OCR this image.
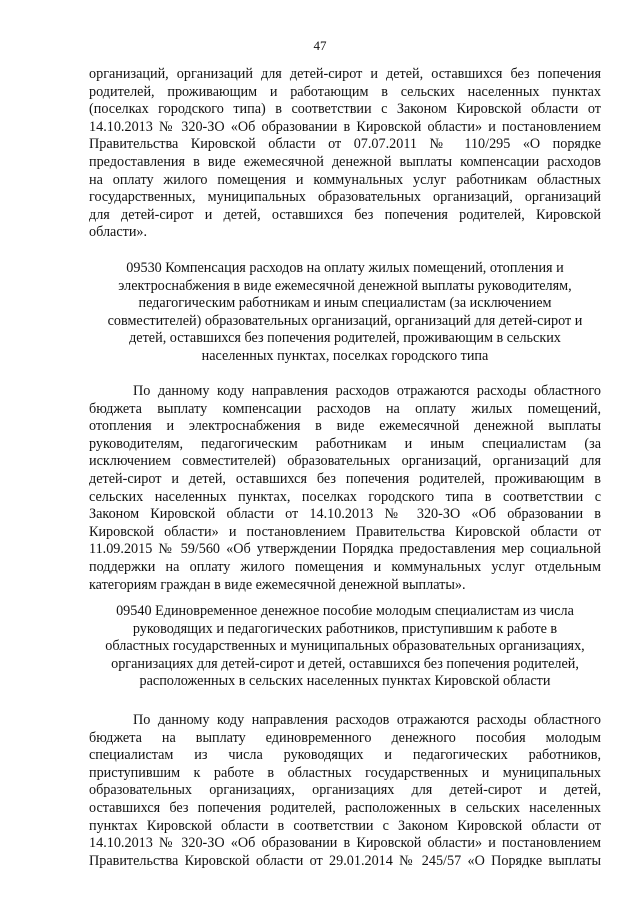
47
организаций, организаций для детей-сирот и детей, оставшихся без попечения
родителей, проживающим и работающим в сельских населенных пунктах
(поселках городского типа) в соответствии с Законом Кировской области от
14.10.2013 № 320-ЗО «Об образовании в Кировской области» и постановлением
Правительства Кировской области от 07.07.2011 № 110/295 «О порядке
предоставления в виде ежемесячной денежной выплаты компенсации расходов
на оплату жилого помещения и коммунальных услуг работникам областных
государственных, муниципальных образовательных организаций, организаций
для детей-сирот и детей, оставшихся без попечения родителей, Кировской
области».
09530 Компенсация расходов на оплату жилых помещений, отопления и
электроснабжения в виде ежемесячной денежной выплаты руководителям,
педагогическим работникам и иным специалистам (за исключением
совместителей) образовательных организаций, организаций для детей-сирот и
детей, оставшихся без попечения родителей, проживающим в сельских
населенных пунктах, поселках городского типа
По данному коду направления расходов отражаются расходы областного
бюджета выплату компенсации расходов на оплату жилых помещений,
отопления и электроснабжения в виде ежемесячной денежной выплаты
руководителям, педагогическим работникам и иным специалистам (за
исключением совместителей) образовательных организаций, организаций для
детей-сирот и детей, оставшихся без попечения родителей, проживающим в
сельских населенных пунктах, поселках городского типа в соответствии с
Законом Кировской области от 14.10.2013 № 320-ЗО «Об образовании в
Кировской области» и постановлением Правительства Кировской области от
11.09.2015 № 59/560 «Об утверждении Порядка предоставления мер социальной
поддержки на оплату жилого помещения и коммунальных услуг отдельным
категориям граждан в виде ежемесячной денежной выплаты».
09540 Единовременное денежное пособие молодым специалистам из числа
руководящих и педагогических работников, приступившим к работе в
областных государственных и муниципальных образовательных организациях,
организациях для детей-сирот и детей, оставшихся без попечения родителей,
расположенных в сельских населенных пунктах Кировской области
По данному коду направления расходов отражаются расходы областного
бюджета на выплату единовременного денежного пособия молодым
специалистам из числа руководящих и педагогических работников,
приступившим к работе в областных государственных и муниципальных
образовательных организациях, организациях для детей-сирот и детей,
оставшихся без попечения родителей, расположенных в сельских населенных
пунктах Кировской области в соответствии с Законом Кировской области от
14.10.2013 № 320-ЗО «Об образовании в Кировской области» и постановлением
Правительства Кировской области от 29.01.2014 № 245/57 «О Порядке выплаты
